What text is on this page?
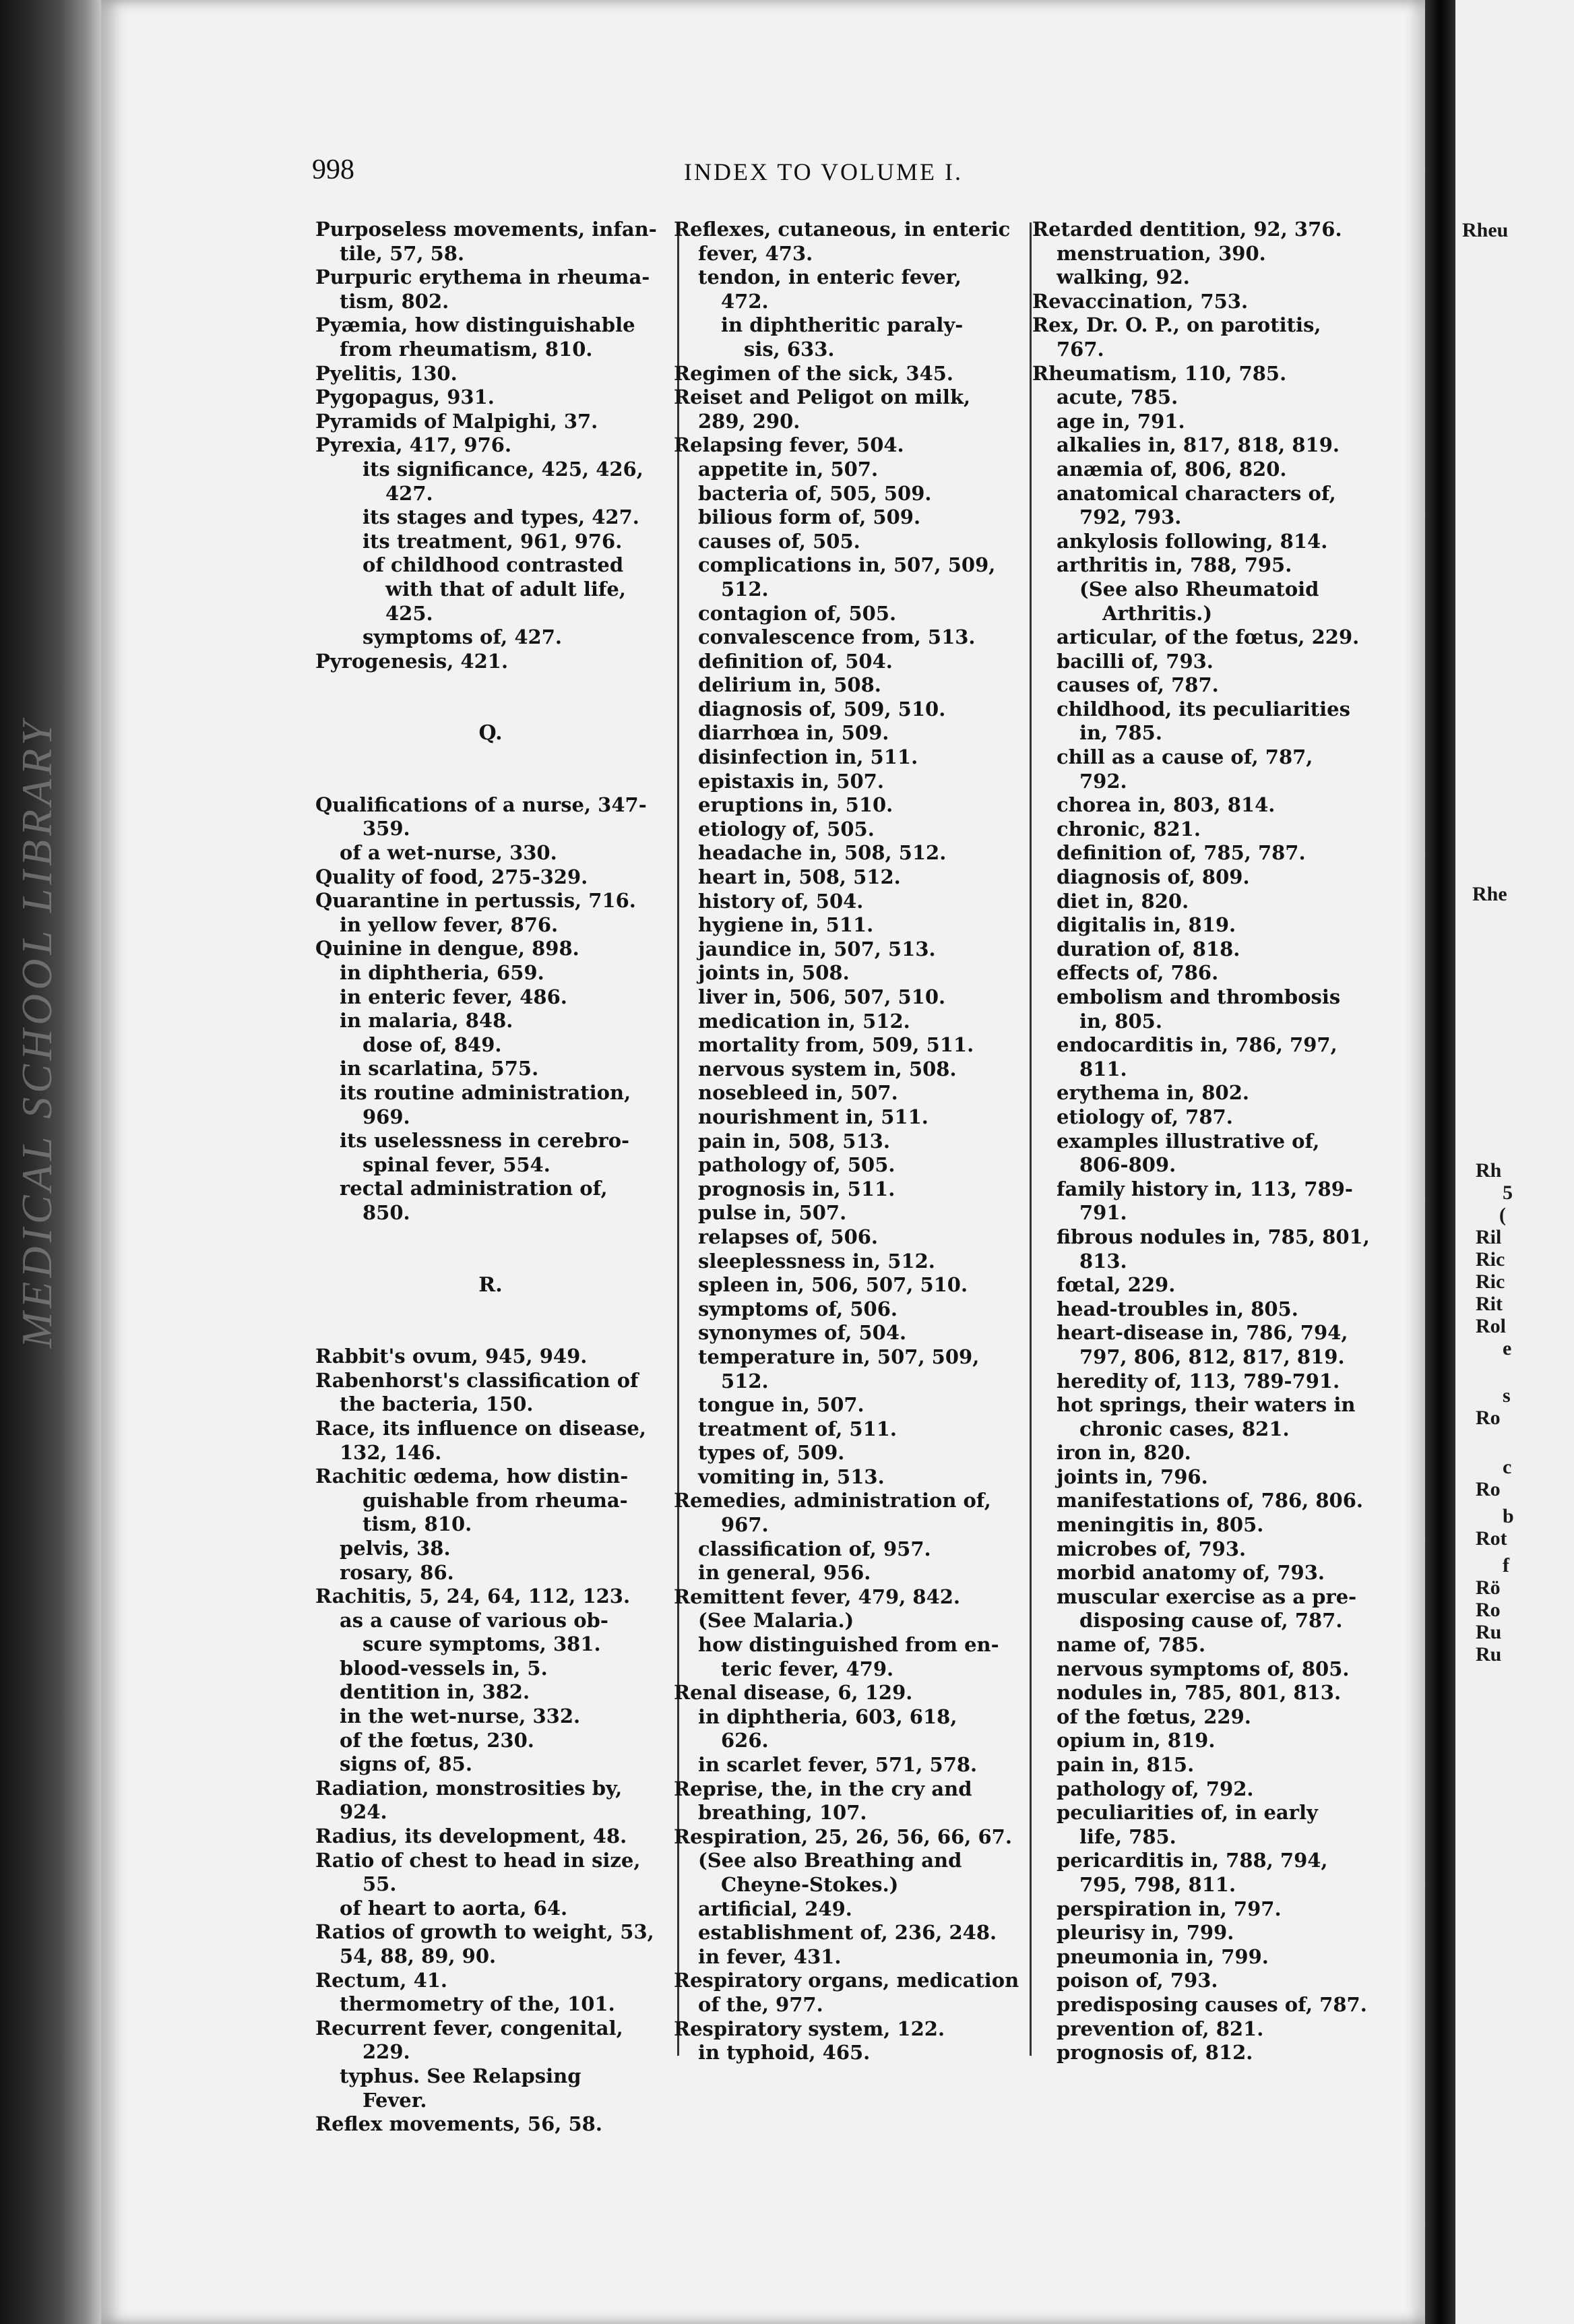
MEDICAL SCHOOL LIBRARY
998	INDEX TO VOLUME I.
Purposeless movements, infan-
tile, 57, 58.
Purpuric erythema in rheuma-
tism, 802.
Pyæmia, how distinguishable
from rheumatism, 810.
Pyelitis, 130.
Pygopagus, 931.
Pyramids of Malpighi, 37.
Pyrexia, 417, 976.
its significance, 425, 426,
427.
its stages and types, 427.
its treatment, 961, 976.
of childhood contrasted
with that of adult life,
425.
symptoms of, 427.
Pyrogenesis, 421.
Q.
Qualifications of a nurse, 347-
359.
of a wet-nurse, 330.
Quality of food, 275-329.
Quarantine in pertussis, 716.
in yellow fever, 876.
Quinine in dengue, 898.
in diphtheria, 659.
in enteric fever, 486.
in malaria, 848.
dose of, 849.
in scarlatina, 575.
its routine administration,
969.
its uselessness in cerebro-
spinal fever, 554.
rectal administration of,
850.
R.
Rabbit's ovum, 945, 949.
Rabenhorst's classification of
the bacteria, 150.
Race, its influence on disease,
132, 146.
Rachitic œdema, how distin-
guishable from rheuma-
tism, 810.
pelvis, 38.
rosary, 86.
Rachitis, 5, 24, 64, 112, 123.
as a cause of various ob-
scure symptoms, 381.
blood-vessels in, 5.
dentition in, 382.
in the wet-nurse, 332.
of the fœtus, 230.
signs of, 85.
Radiation, monstrosities by,
924.
Radius, its development, 48.
Ratio of chest to head in size,
55.
of heart to aorta, 64.
Ratios of growth to weight, 53,
54, 88, 89, 90.
Rectum, 41.
thermometry of the, 101.
Recurrent fever, congenital,
229.
typhus. See Relapsing
Fever.
Reflex movements, 56, 58.
Reflexes, cutaneous, in enteric
fever, 473.
tendon, in enteric fever,
472.
in diphtheritic paraly-
sis, 633.
Regimen of the sick, 345.
Reiset and Peligot on milk,
289, 290.
Relapsing fever, 504.
appetite in, 507.
bacteria of, 505, 509.
bilious form of, 509.
causes of, 505.
complications in, 507, 509,
512.
contagion of, 505.
convalescence from, 513.
definition of, 504.
delirium in, 508.
diagnosis of, 509, 510.
diarrhœa in, 509.
disinfection in, 511.
epistaxis in, 507.
eruptions in, 510.
etiology of, 505.
headache in, 508, 512.
heart in, 508, 512.
history of, 504.
hygiene in, 511.
jaundice in, 507, 513.
joints in, 508.
liver in, 506, 507, 510.
medication in, 512.
mortality from, 509, 511.
nervous system in, 508.
nosebleed in, 507.
nourishment in, 511.
pain in, 508, 513.
pathology of, 505.
prognosis in, 511.
pulse in, 507.
relapses of, 506.
sleeplessness in, 512.
spleen in, 506, 507, 510.
symptoms of, 506.
synonymes of, 504.
temperature in, 507, 509,
512.
tongue in, 507.
treatment of, 511.
types of, 509.
vomiting in, 513.
Remedies, administration of,
967.
classification of, 957.
in general, 956.
Remittent fever, 479, 842.
(See Malaria.)
how distinguished from en-
teric fever, 479.
Renal disease, 6, 129.
in diphtheria, 603, 618,
626.
in scarlet fever, 571, 578.
Reprise, the, in the cry and
breathing, 107.
Respiration, 25, 26, 56, 66, 67.
(See also Breathing and
Cheyne-Stokes.)
artificial, 249.
establishment of, 236, 248.
in fever, 431.
Respiratory organs, medication
of the, 977.
Respiratory system, 122.
in typhoid, 465.
Retarded dentition, 92, 376.
menstruation, 390.
walking, 92.
Revaccination, 753.
Rex, Dr. O. P., on parotitis,
767.
Rheumatism, 110, 785.
acute, 785.
age in, 791.
alkalies in, 817, 818, 819.
anæmia of, 806, 820.
anatomical characters of,
792, 793.
ankylosis following, 814.
arthritis in, 788, 795.
(See also Rheumatoid
Arthritis.)
articular, of the fœtus, 229.
bacilli of, 793.
causes of, 787.
childhood, its peculiarities
in, 785.
chill as a cause of, 787,
792.
chorea in, 803, 814.
chronic, 821.
definition of, 785, 787.
diagnosis of, 809.
diet in, 820.
digitalis in, 819.
duration of, 818.
effects of, 786.
embolism and thrombosis
in, 805.
endocarditis in, 786, 797,
811.
erythema in, 802.
etiology of, 787.
examples illustrative of,
806-809.
family history in, 113, 789-
791.
fibrous nodules in, 785, 801,
813.
fœtal, 229.
head-troubles in, 805.
heart-disease in, 786, 794,
797, 806, 812, 817, 819.
heredity of, 113, 789-791.
hot springs, their waters in
chronic cases, 821.
iron in, 820.
joints in, 796.
manifestations of, 786, 806.
meningitis in, 805.
microbes of, 793.
morbid anatomy of, 793.
muscular exercise as a pre-
disposing cause of, 787.
name of, 785.
nervous symptoms of, 805.
nodules in, 785, 801, 813.
of the fœtus, 229.
opium in, 819.
pain in, 815.
pathology of, 792.
peculiarities of, in early
life, 785.
pericarditis in, 788, 794,
795, 798, 811.
perspiration in, 797.
pleurisy in, 799.
pneumonia in, 799.
poison of, 793.
predisposing causes of, 787.
prevention of, 821.
prognosis of, 812.
Rheu
Rhe
Rh
5
(
Ril
Ric
Ric
Rit
Rol
e
s
Ro
c
Ro
b
Rot
f
Rö
Ro
Ru
Ru
